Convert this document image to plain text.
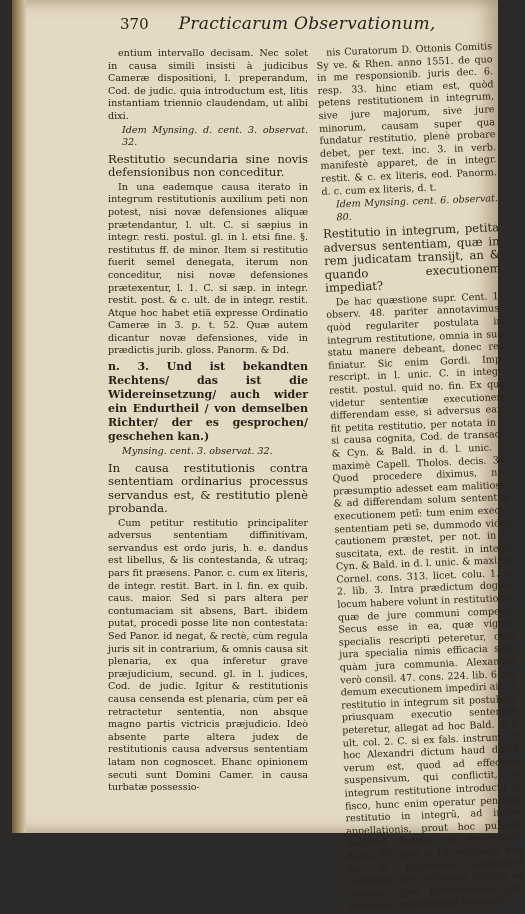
370 Practicarum Observationum,

entium intervallo decisam. Nec solet in causa simili insisti à judicibus Cameræ dispositioni, l. preperandum, Cod. de judic. quia introductum est, litis instantiam triennio claudendam, ut alibi dixi.

Idem Mynsing. d. cent. 3. observat. 32.

Restitutio secundaria sine novis defensionibus non conceditur.

In una eademque causa iterato in integrum restitutionis auxilium peti non potest, nisi novæ defensiones aliquæ prætendantur, l. ult. C. si sæpius in integr. resti. postul. gl. in l. etsi fine. §. restitutus ff. de minor. Item si restitutio fuerit semel denegata, iterum non conceditur, nisi novæ defensiones prætexentur, l. 1. C. si sæp. in integr. restit. post. & c. ult. de in integr. restit. Atque hoc habet etiā expresse Ordinatio Cameræ in 3. p. t. 52. Quæ autem dicantur novæ defensiones, vide in prædictis jurib. gloss. Panorm. & Dd.

n. 3. Und ist bekandten Rechtens/ das ist die Widereinsetzung/ auch wider ein Endurtheil / von demselben Richter/ der es gesprochen/ geschehen kan.)

Mynsing. cent. 3. observat. 32.

In causa restitutionis contra sententiam ordinarius processus servandus est, & restitutio plenè probanda.

Cum petitur restitutio principaliter adversus sententiam diffinitivam, servandus est ordo juris, h. e. dandus est libellus, & lis contestanda, & utraq; pars fit præsens. Panor. c. cum ex literis, de integr. restit. Bart. in l. fin. ex quib. caus. maior. Sed si pars altera per contumaciam sit absens, Bart. ibidem putat, procedi posse lite non contestata: Sed Panor. id negat, & rectè, cùm regula juris sit in contrarium, & omnis causa sit plenaria, ex qua inferetur grave præjudicium, secund. gl. in l. judices, Cod. de judic. Igitur & restitutionis causa censenda est plenaria, cùm per eā retractetur sententia, non absque magno partis victricis præjudicio. Ideò absente parte altera judex de restitutionis causa adversus sententiam latam non cognoscet. Ehanc opinionem secuti sunt Domini Camer. in causa turbatæ possessio-

nis Curatorum D. Ottonis Comitis Sy ve. & Rhen. anno 1551. de quo in me responsionib. juris dec. 6. resp. 33. hinc etiam est, quòd petens restitutionem in integrum, sive jure majorum, sive jure minorum, causam super qua fundatur restitutio, plenè probare debet, per text. inc. 3. in verb. manifestè apparet, de in integr. restit. & c. ex literis, eod. Panorm. d. c. cum ex literis, d. t.

Idem Mynsing. cent. 6. observat. 80.

Restitutio in integrum, petita adversus sententiam, quæ in rem judicatam transijt, an & quando executionem impediat?

De hac quæstione supr. Cent. 1. observ. 48. pariter annotavimus, quòd regulariter postulata in integrum restitutione, omnia in suo statu manere debeant, donec res finiatur. Sic enim Gordi. Imp. rescript. in l. unic. C. in integr. restit. postul. quid no. fin. Ex quo videtur sententiæ executionem differendam esse, si adversus eam fit petita restitutio, per notata in l. si causa cognita, Cod. de transact. & Cyn. & Bald. in d. l. unic. & maximè Capell. Tholos. decis. 34. Quod procedere diximus, nisi præsumptio adesset eam malitiosè, & ad differendam solum sententiæ executionem petî: tum enim exequi sententiam peti se, dummodo vidèr cautionem præstet, per not. in c. suscitata, ext. de restit. in integr. Cyn. & Bald. in d. l. unic. & maximè Cornel. cons. 313. licet. colu. 1. & 2. lib. 3. Intra prædictum dogma locum habere volunt in restitutione, quæ de jure communi competit: Secus esse in ea, quæ vigore specialis rescripti peteretur, cum jura specialia nimis efficacia sint, quàm jura communia. Alexander verò consil. 47. cons. 224. lib. 6. ita demum executionem impediri ait, si restitutio in integrum sit postulata, priusquam executio sententiæ peteretur, allegat ad hoc Bald. in l. ult. col. 2. C. si ex fals. instrum. Et hoc Alexandri dictum haud dubiè verum est, quod ad effectum suspensivum, qui conflictit, in integrum restitutione introducta in fisco, hunc enim operatur pendens restitutio in integrū, ad instar appellationis, prout hoc pulchrè declarat Petrus de Remintent. decis. 85, post n. 13. addendo, non est si incidenter postuletur restitutio, nec evidenter constet de læsione, quæ restitutionem jure causaret, executionem intercip-
